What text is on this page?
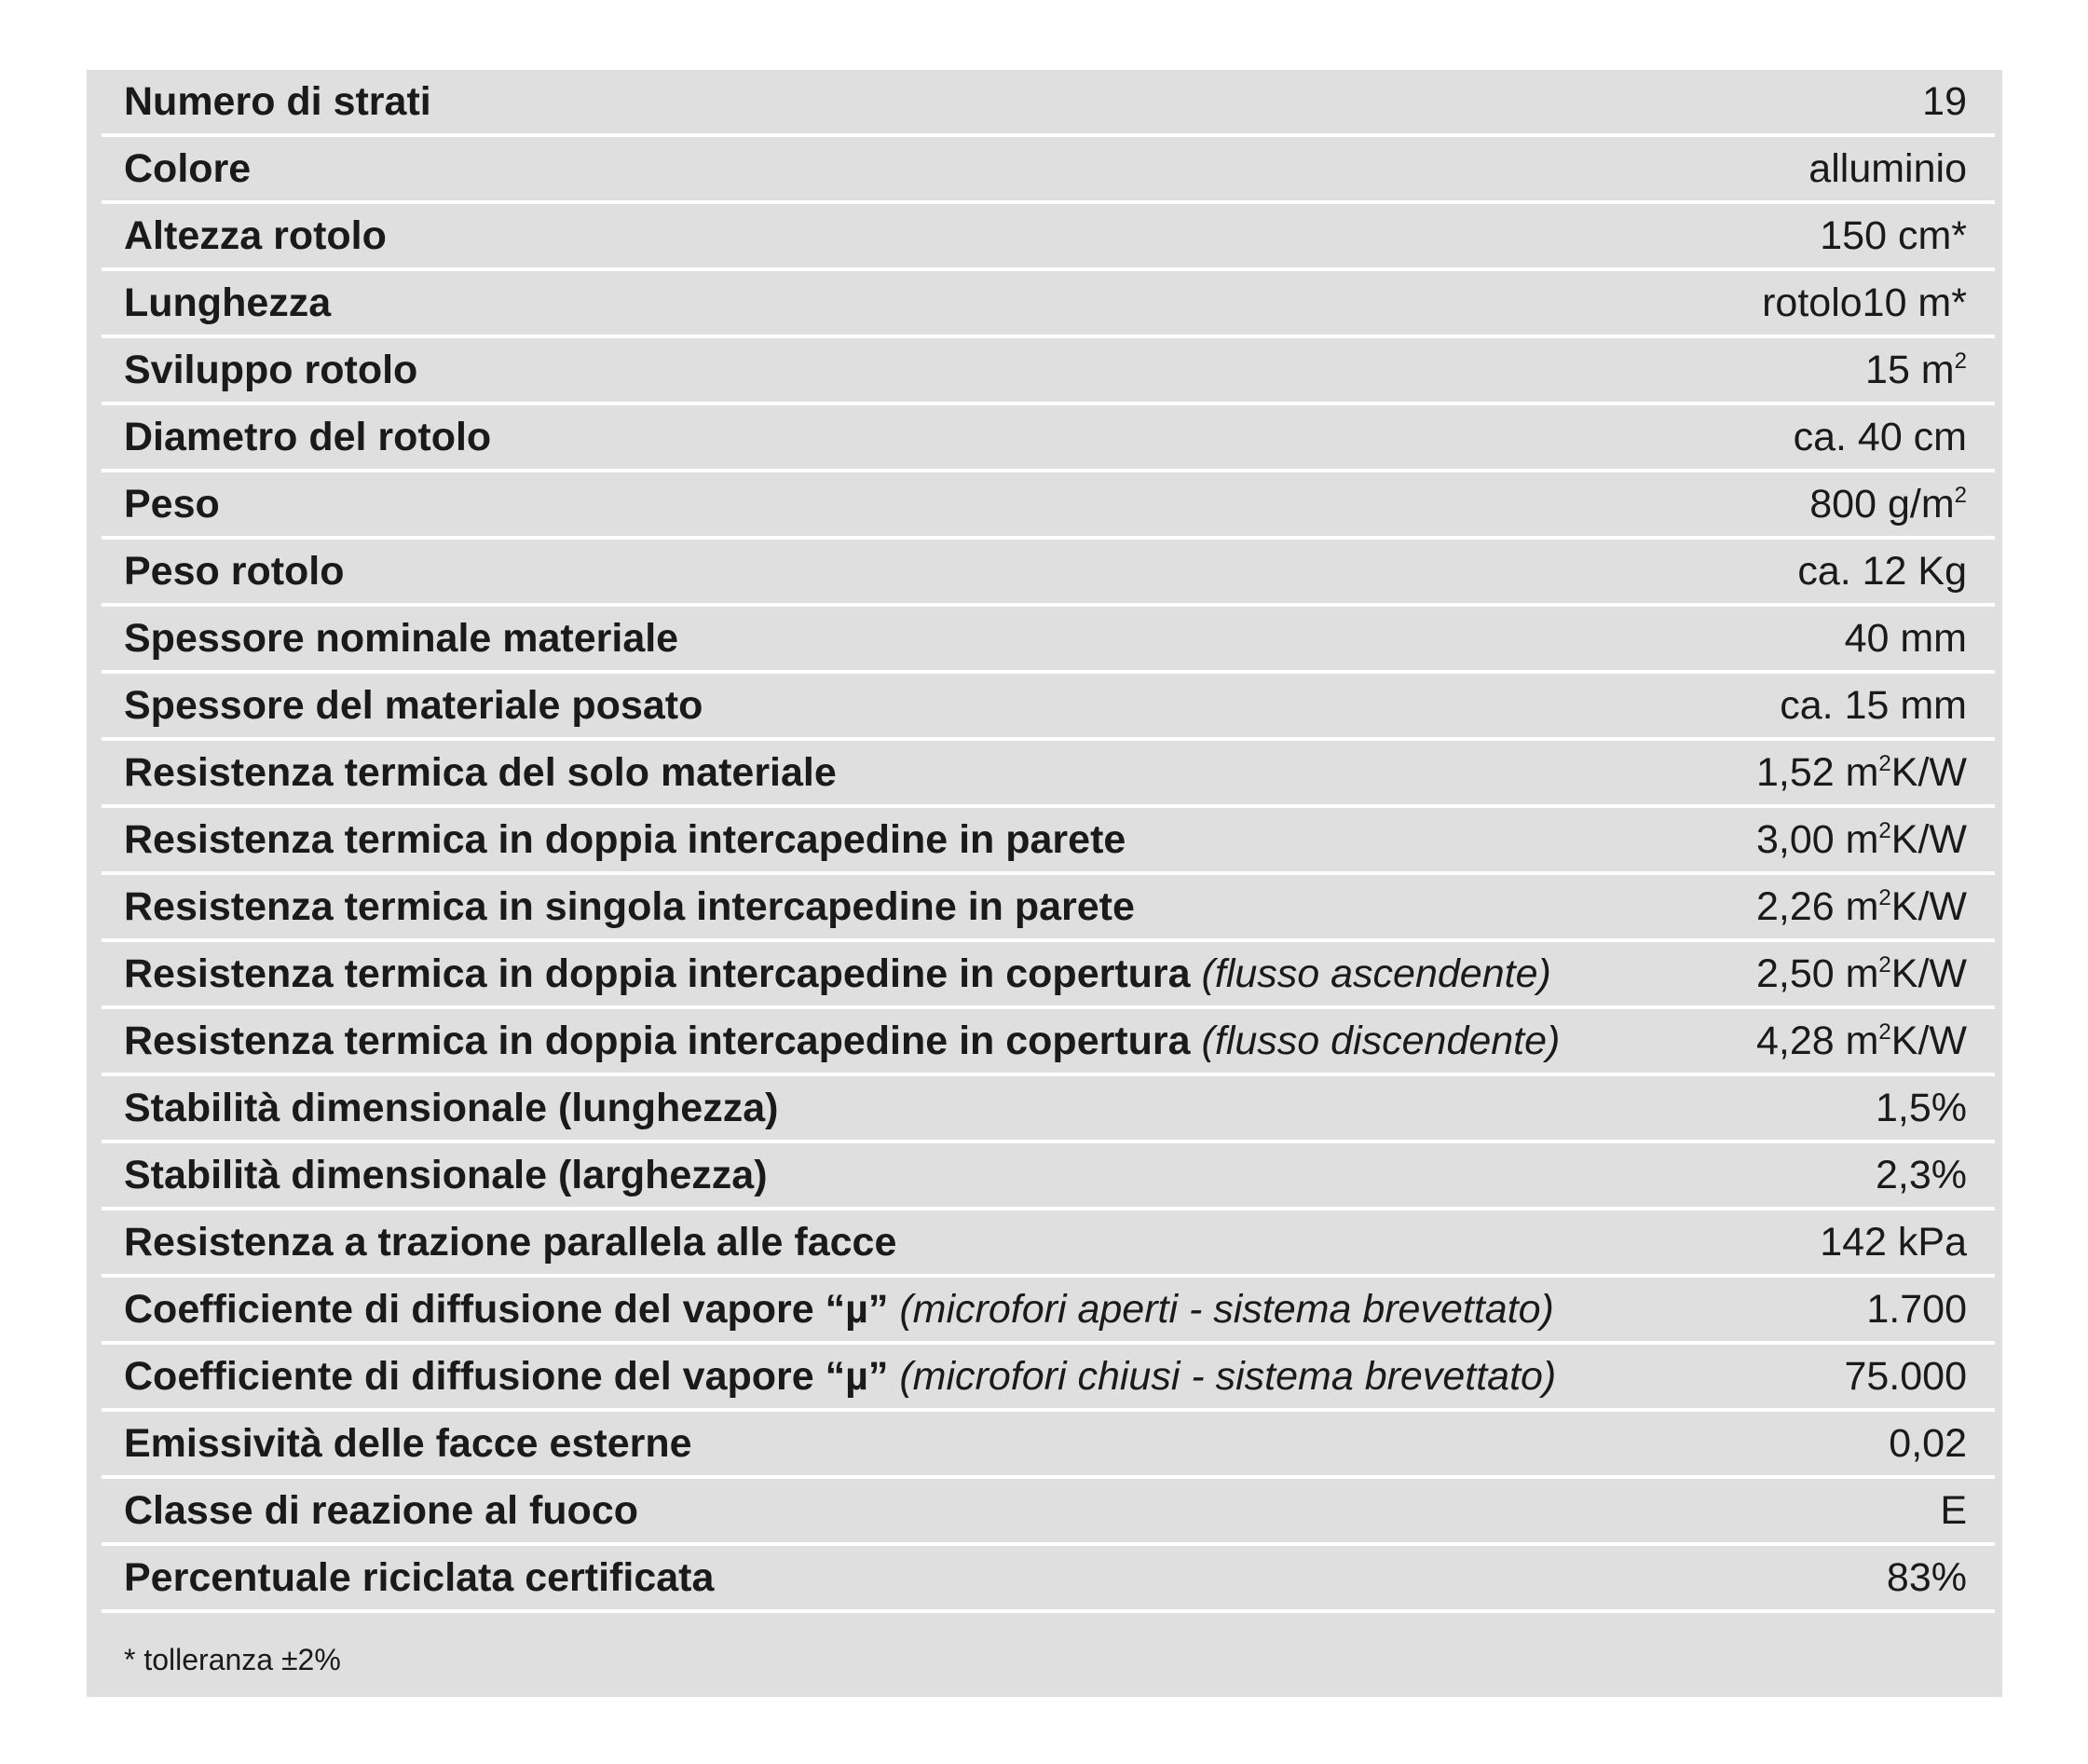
Numero di strati	19
Colore	alluminio
Altezza rotolo	150 cm*
Lunghezza	rotolo10 m*
Sviluppo rotolo	15 $m^2$
Diametro del rotolo	ca. 40 cm
Peso	800 $g/m^2$
Peso rotolo	ca. 12 Kg
Spessore nominale materiale	40 mm
Spessore del materiale posato	ca. 15 mm
Resistenza termica del solo materiale	1,52 $m^2K/W$
Resistenza termica in doppia intercapedine in parete	3,00 $m^2K/W$
Resistenza termica in singola intercapedine in parete	2,26 $m^2K/W$
Resistenza termica in doppia intercapedine in copertura (flusso ascendente)	2,50 $m^2K/W$
Resistenza termica in doppia intercapedine in copertura (flusso discendente)	4,28 $m^2K/W$
Stabilità dimensionale (lunghezza)	1,5%
Stabilità dimensionale (larghezza)	2,3%
Resistenza a trazione parallela alle facce	142 kPa
Coefficiente di diffusione del vapore “µ” (microfori aperti - sistema brevettato)	1.700
Coefficiente di diffusione del vapore “µ” (microfori chiusi - sistema brevettato)	75.000
Emissività delle facce esterne	0,02
Classe di reazione al fuoco	E
Percentuale riciclata certificata	83%
* tolleranza ±2%
